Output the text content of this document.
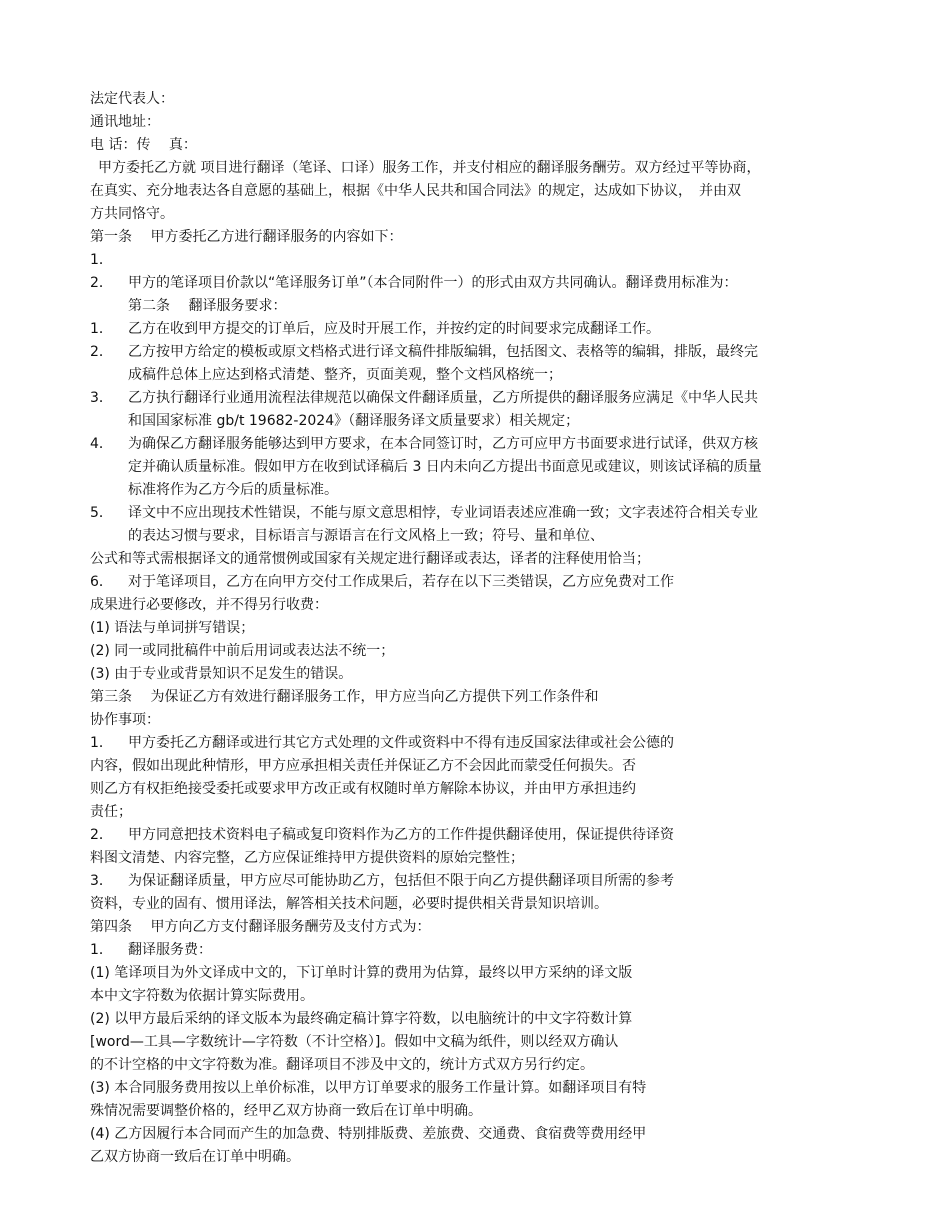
法定代表人：
通讯地址：
电 话：传　 真：
甲方委托乙方就 项目进行翻译（笔译、口译）服务工作，并支付相应的翻译服务酬劳。双方经过平等协商，
在真实、充分地表达各自意愿的基础上，根据《中华人民共和国合同法》的规定，达成如下协议，　并由双
方共同恪守。
第一条　 甲方委托乙方进行翻译服务的内容如下：
1．
2． 甲方的笔译项目价款以“笔译服务订单”（本合同附件一）的形式由双方共同确认。翻译费用标准为：
第二条　 翻译服务要求：
1． 乙方在收到甲方提交的订单后，应及时开展工作，并按约定的时间要求完成翻译工作。
2． 乙方按甲方给定的模板或原文档格式进行译文稿件排版编辑，包括图文、表格等的编辑，排版，最终完
成稿件总体上应达到格式清楚、整齐，页面美观，整个文档风格统一；
3． 乙方执行翻译行业通用流程法律规范以确保文件翻译质量，乙方所提供的翻译服务应满足《中华人民共
和国国家标准 gb/t 19682-2024》（翻译服务译文质量要求）相关规定；
4． 为确保乙方翻译服务能够达到甲方要求，在本合同签订时，乙方可应甲方书面要求进行试译，供双方核
定并确认质量标准。假如甲方在收到试译稿后 3 日内未向乙方提出书面意见或建议，则该试译稿的质量
标准将作为乙方今后的质量标准。
5． 译文中不应出现技术性错误，不能与原文意思相悖，专业词语表述应准确一致；文字表述符合相关专业
的表达习惯与要求，目标语言与源语言在行文风格上一致；符号、量和单位、
公式和等式需根据译文的通常惯例或国家有关规定进行翻译或表达，译者的注释使用恰当；
6． 对于笔译项目，乙方在向甲方交付工作成果后，若存在以下三类错误，乙方应免费对工作
成果进行必要修改，并不得另行收费：
(1) 语法与单词拼写错误；
(2) 同一或同批稿件中前后用词或表达法不统一；
(3) 由于专业或背景知识不足发生的错误。
第三条　 为保证乙方有效进行翻译服务工作，甲方应当向乙方提供下列工作条件和
协作事项：
1． 甲方委托乙方翻译或进行其它方式处理的文件或资料中不得有违反国家法律或社会公德的
内容，假如出现此种情形，甲方应承担相关责任并保证乙方不会因此而蒙受任何损失。否
则乙方有权拒绝接受委托或要求甲方改正或有权随时单方解除本协议，并由甲方承担违约
责任；
2． 甲方同意把技术资料电子稿或复印资料作为乙方的工作件提供翻译使用，保证提供待译资
料图文清楚、内容完整，乙方应保证维持甲方提供资料的原始完整性；
3． 为保证翻译质量，甲方应尽可能协助乙方，包括但不限于向乙方提供翻译项目所需的参考
资料，专业的固有、惯用译法，解答相关技术问题，必要时提供相关背景知识培训。
第四条　 甲方向乙方支付翻译服务酬劳及支付方式为：
1． 翻译服务费：
(1) 笔译项目为外文译成中文的，下订单时计算的费用为估算，最终以甲方采纳的译文版
本中文字符数为依据计算实际费用。
(2) 以甲方最后采纳的译文版本为最终确定稿计算字符数，以电脑统计的中文字符数计算
[word—工具—字数统计—字符数（不计空格）]。假如中文稿为纸件，则以经双方确认
的不计空格的中文字符数为准。翻译项目不涉及中文的，统计方式双方另行约定。
(3) 本合同服务费用按以上单价标准，以甲方订单要求的服务工作量计算。如翻译项目有特
殊情况需要调整价格的，经甲乙双方协商一致后在订单中明确。
(4) 乙方因履行本合同而产生的加急费、特别排版费、差旅费、交通费、食宿费等费用经甲
乙双方协商一致后在订单中明确。
